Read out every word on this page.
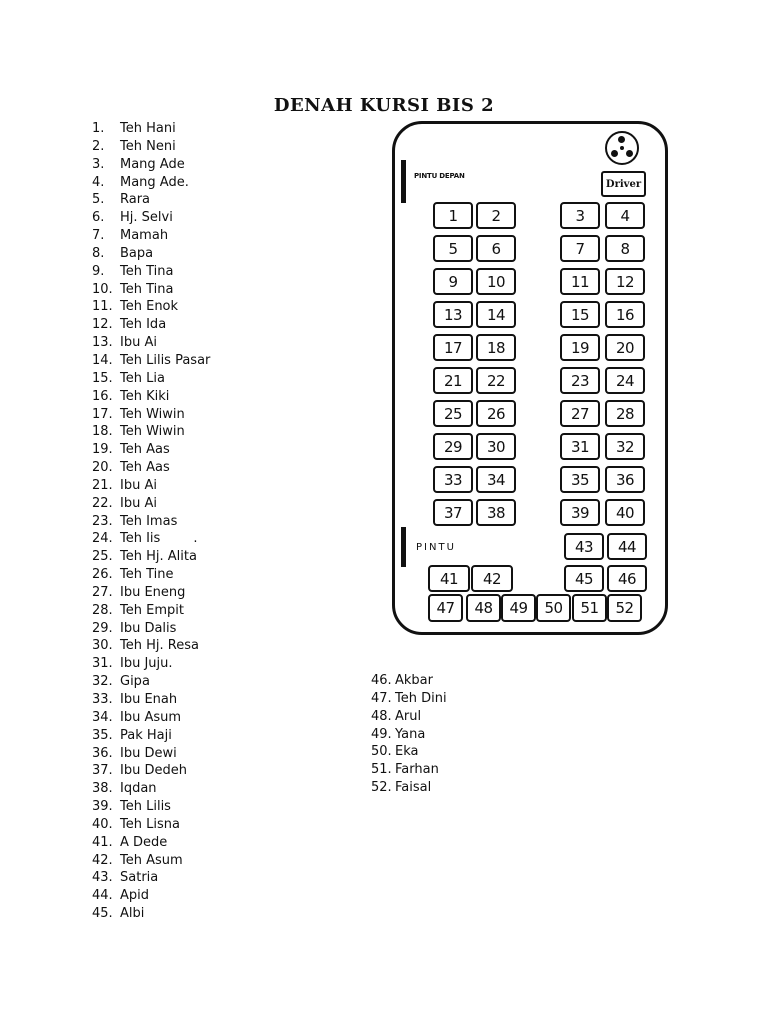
DENAH KURSI BIS 2
1. Teh Hani
2. Teh Neni
3. Mang Ade
4. Mang Ade.
5. Rara
6. Hj. Selvi
7. Mamah
8. Bapa
9. Teh Tina
10. Teh Tina
11. Teh Enok
12. Teh Ida
13. Ibu Ai
14. Teh Lilis Pasar
15. Teh Lia
16. Teh Kiki
17. Teh Wiwin
18. Teh Wiwin
19. Teh Aas
20. Teh Aas
21. Ibu Ai
22. Ibu Ai
23. Teh Imas
24. Teh Iis        .
25. Teh Hj. Alita
26. Teh Tine
27. Ibu Eneng
28. Teh Empit
29. Ibu Dalis
30. Teh Hj. Resa
31. Ibu Juju.
32. Gipa
33. Ibu Enah
34. Ibu Asum
35. Pak Haji
36. Ibu Dewi
37. Ibu Dedeh
38. Iqdan
39. Teh Lilis
40. Teh Lisna
41. A Dede
42. Teh Asum
43. Satria
44. Apid
45. Albi
46. Akbar
47. Teh Dini
48. Arul
49. Yana
50. Eka
51. Farhan
52. Faisal
Driver
PINTU DEPAN
PINTU
1	2	3	4
5	6	7	8
9	10	11	12
13	14	15	16
17	18	19	20
21	22	23	24
25	26	27	28
29	30	31	32
33	34	35	36
37	38	39	40
41	42
43	44
45	46
47	48	49	50	51	52
